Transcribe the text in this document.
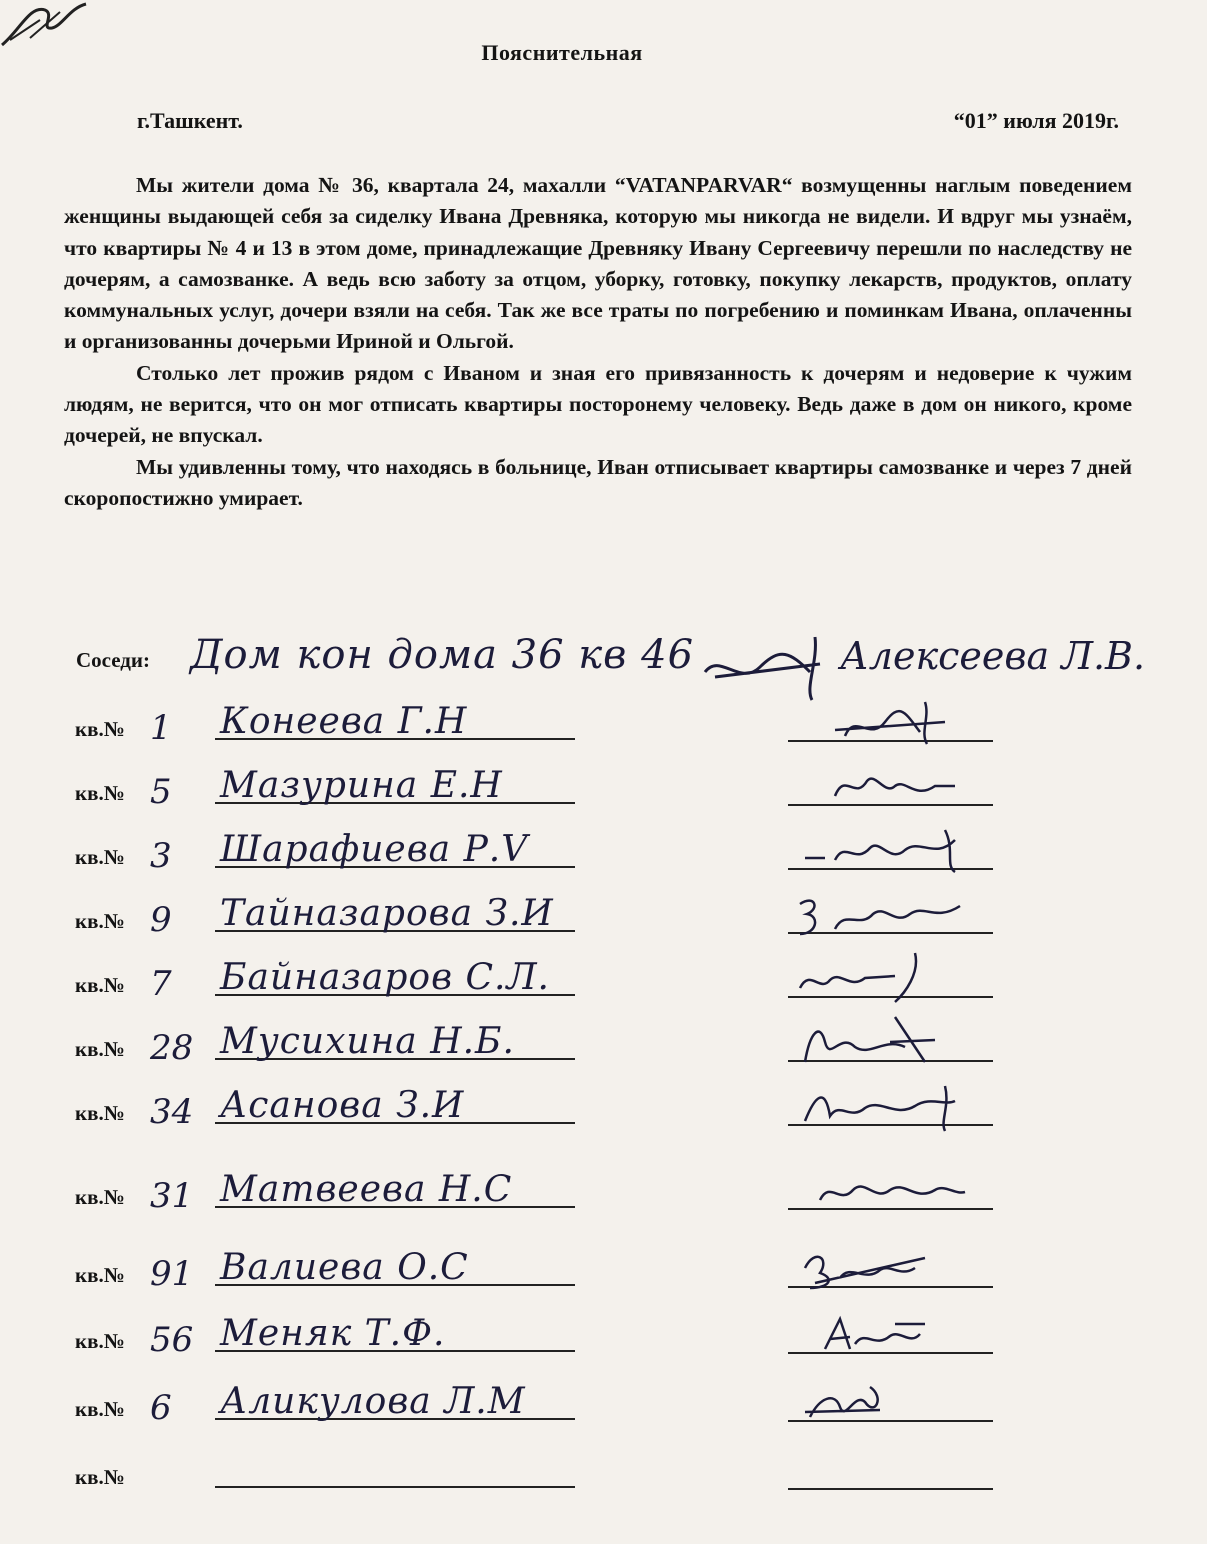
Пояснительная
г.Ташкент.	“01” июля 2019г.

Мы жители дома № 36, квартала 24, махалли “VATANPARVAR“ возмущенны наглым поведением женщины выдающей себя за сиделку Ивана Древняка, которую мы никогда не видели. И вдруг мы узнаём, что квартиры № 4 и 13 в этом доме, принадлежащие Древняку Ивану Сергеевичу перешли по наследству не дочерям, а самозванке. А ведь всю заботу за отцом, уборку, готовку, покупку лекарств, продуктов, оплату коммунальных услуг, дочери взяли на себя. Так же все траты по погребению и поминкам Ивана, оплаченны и организованны дочерьми Ириной и Ольгой.

Столько лет прожив рядом с Иваном и зная его привязанность к дочерям и недоверие к чужим людям, не верится, что он мог отписать квартиры посторонему человеку. Ведь даже в дом он никого, кроме дочерей, не впускал.

Мы удивленны тому, что находясь в больнице, Иван отписывает квартиры самозванке и через 7 дней скоропостижно умирает.

Соседи: Дом кон дома 36 кв 46	Алексеева Л.В.
кв.№ 1 Конеева Г.Н
кв.№ 5 Мазурина Е.Н
кв.№ 3 Шарафиева Р.V
кв.№ 9 Тайназарова З.И
кв.№ 7 Байназаров С.Л.
кв.№ 28 Мусихина Н.Б.
кв.№ 34 Асанова З.И
кв.№ 31 Матвеева Н.С
кв.№ 91 Валиева О.С
кв.№ 56 Меняк Т.Ф.
кв.№ 6 Аликулова Л.М
кв.№
